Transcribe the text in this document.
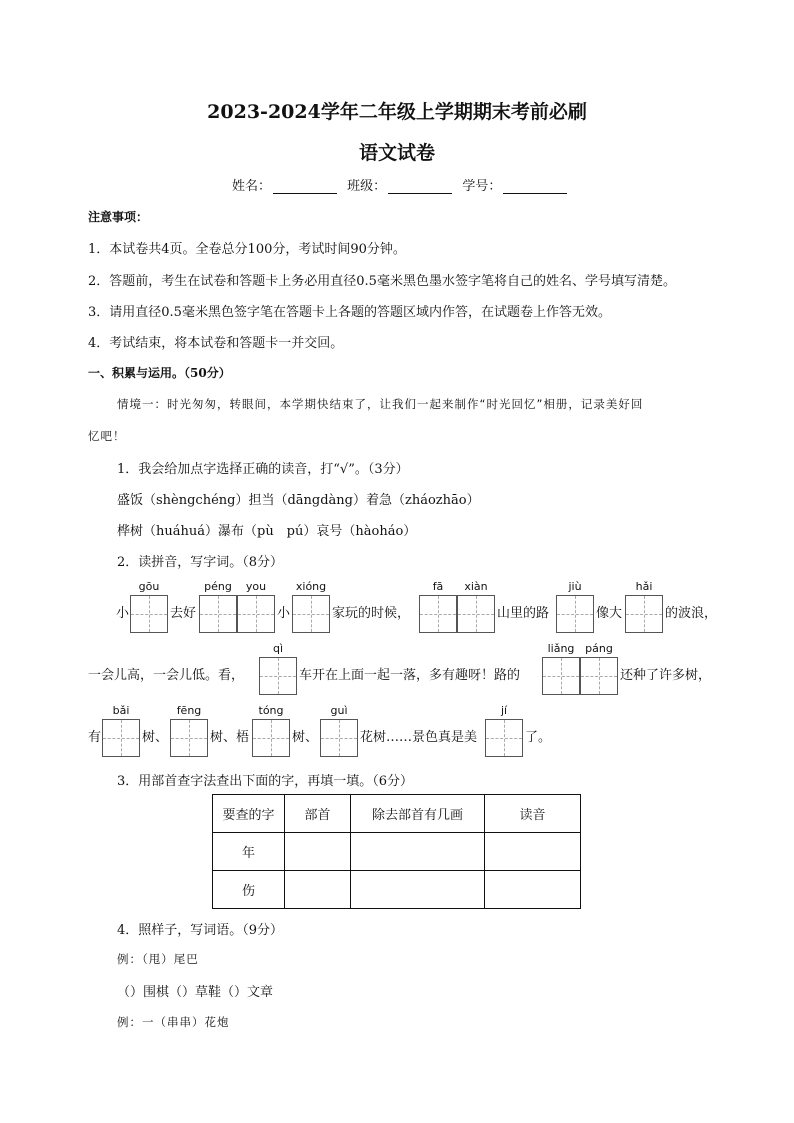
2023-2024学年二年级上学期期末考前必刷
语文试卷
姓名：	班级：	学号：
注意事项：
1．本试卷共4页。全卷总分100分，考试时间90分钟。
2．答题前，考生在试卷和答题卡上务必用直径0.5毫米黑色墨水签字笔将自己的姓名、学号填写清楚。
3．请用直径0.5毫米黑色签字笔在答题卡上各题的答题区域内作答，在试题卷上作答无效。
4．考试结束，将本试卷和答题卡一并交回。
一、积累与运用。（50分）
情境一：时光匆匆，转眼间，本学期快结束了，让我们一起来制作“时光回忆”相册，记录美好回
忆吧！
1．我会给加点字选择正确的读音，打“√”。（3分）
盛饭（shèngchéng）担当（dāngdàng）着急（zháozhāo）
桦树（huáhuá）瀑布（pù　pú）哀号（hàoháo）
2．读拼音，写字词。（8分）
gōu	péng	you	xióng	fā	xiàn	jiù	hǎi
小	去好	小	家玩的时候，	山里的路	像大	的波浪，
qì	liǎng páng
一会儿高，一会儿低。看，	车开在上面一起一落，多有趣呀！路的	还种了许多树，
bǎi	fēng	tóng	guì	jí
有	树、	树、梧	树、	花树……景色真是美	了。
3．用部首查字法查出下面的字，再填一填。（6分）
要查的字	部首	除去部首有几画	读音
年			
伤			
4．照样子，写词语。（9分）
例：（甩）尾巴
（）围棋（）草鞋（）文章
例：一（串串）花炮
